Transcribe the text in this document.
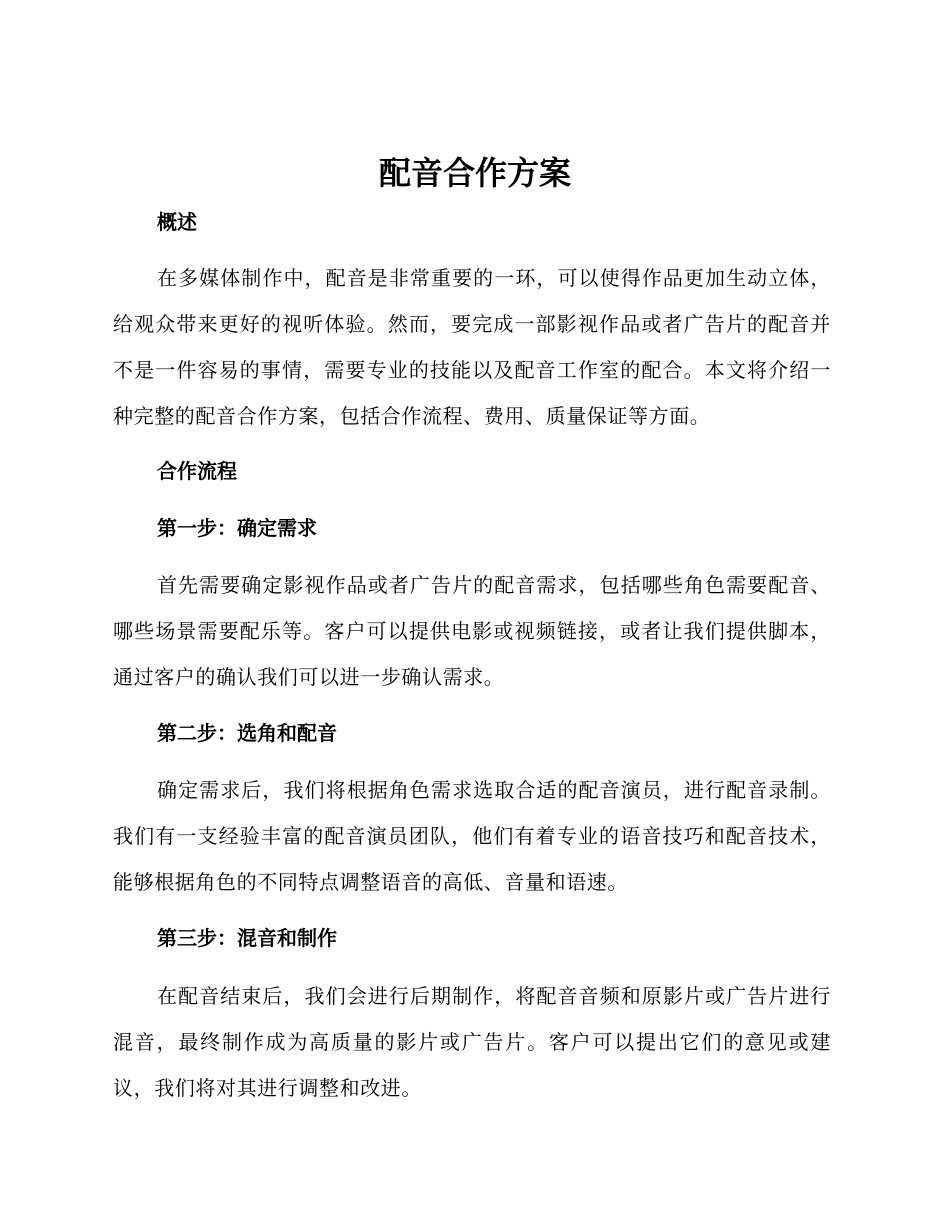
配音合作方案
概述

在多媒体制作中，配音是非常重要的一环，可以使得作品更加生动立体，给观众带来更好的视听体验。然而，要完成一部影视作品或者广告片的配音并不是一件容易的事情，需要专业的技能以及配音工作室的配合。本文将介绍一种完整的配音合作方案，包括合作流程、费用、质量保证等方面。

合作流程
第一步：确定需求

首先需要确定影视作品或者广告片的配音需求，包括哪些角色需要配音、哪些场景需要配乐等。客户可以提供电影或视频链接，或者让我们提供脚本，通过客户的确认我们可以进一步确认需求。

第二步：选角和配音

确定需求后，我们将根据角色需求选取合适的配音演员，进行配音录制。我们有一支经验丰富的配音演员团队，他们有着专业的语音技巧和配音技术，能够根据角色的不同特点调整语音的高低、音量和语速。

第三步：混音和制作

在配音结束后，我们会进行后期制作，将配音音频和原影片或广告片进行混音，最终制作成为高质量的影片或广告片。客户可以提出它们的意见或建议，我们将对其进行调整和改进。
